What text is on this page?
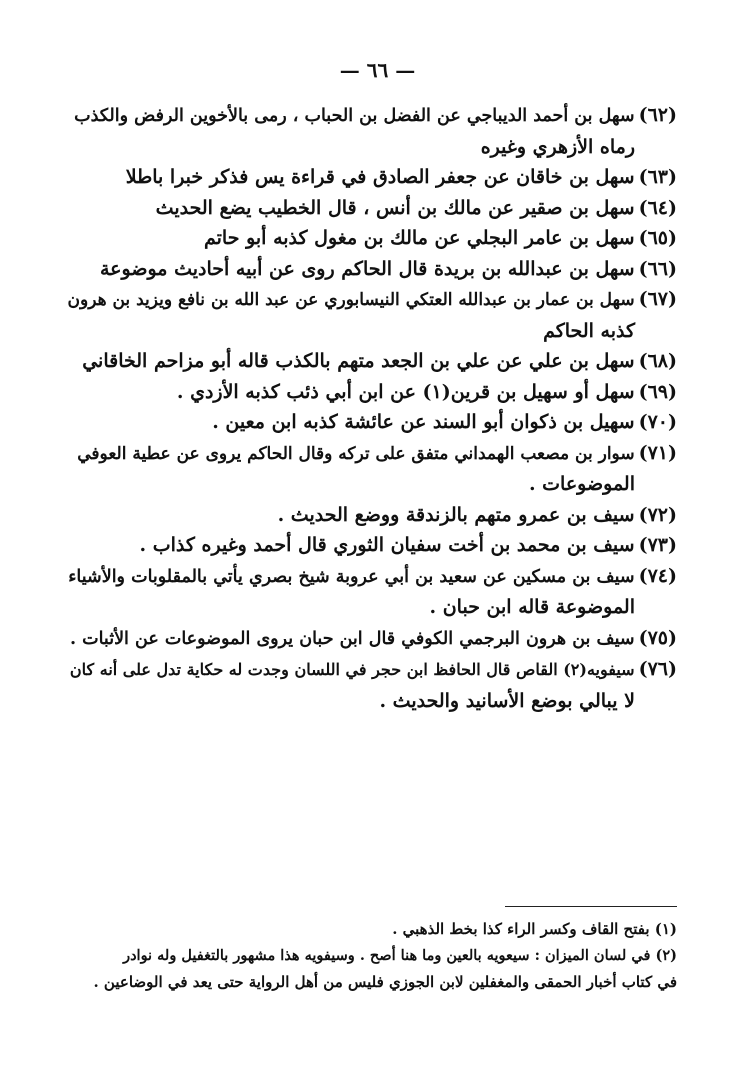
— ٦٦ —

(٦٢)سهل بن أحمد الديباجي عن الفضل بن الحباب ، رمى بالأخوين الرفض والكذب
رماه الأزهري وغيره

(٦٣)سهل بن خاقان عن جعفر الصادق في قراءة يس فذكر خبرا باطلا

(٦٤)سهل بن صقير عن مالك بن أنس ، قال الخطيب يضع الحديث

(٦٥)سهل بن عامر البجلي عن مالك بن مغول كذبه أبو حاتم

(٦٦)سهل بن عبدالله بن بريدة قال الحاكم روى عن أبيه أحاديث موضوعة

(٦٧)سهل بن عمار بن عبدالله العتكي النيسابوري عن عبد الله بن نافع ويزيد بن هرون
كذبه الحاكم

(٦٨)سهل بن علي عن علي بن الجعد متهم بالكذب قاله أبو مزاحم الخاقاني

(٦٩)سهل أو سهيل بن قرين(١) عن ابن أبي ذئب كذبه الأزدي .

(٧٠)سهيل بن ذكوان أبو السند عن عائشة كذبه ابن معين .

(٧١)سوار بن مصعب الهمداني متفق على تركه وقال الحاكم يروى عن عطية العوفي
الموضوعات .

(٧٢)سيف بن عمرو متهم بالزندقة ووضع الحديث .

(٧٣)سيف بن محمد بن أخت سفيان الثوري قال أحمد وغيره كذاب .

(٧٤)سيف بن مسكين عن سعيد بن أبي عروبة شيخ بصري يأتي بالمقلوبات والأشياء
الموضوعة قاله ابن حبان .

(٧٥)سيف بن هرون البرجمي الكوفي قال ابن حبان يروى الموضوعات عن الأثبات .

(٧٦)سيفويه(٢) القاص قال الحافظ ابن حجر في اللسان وجدت له حكاية تدل على أنه كان
لا يبالي بوضع الأسانيد والحديث .

(١) بفتح القاف وكسر الراء كذا بخط الذهبي .

(٢) في لسان الميزان : سيعويه بالعين وما هنا أصح . وسيفويه هذا مشهور بالتغفيل وله نوادر
في كتاب أخبار الحمقى والمغفلين لابن الجوزي فليس من أهل الرواية حتى يعد في الوضاعين .
